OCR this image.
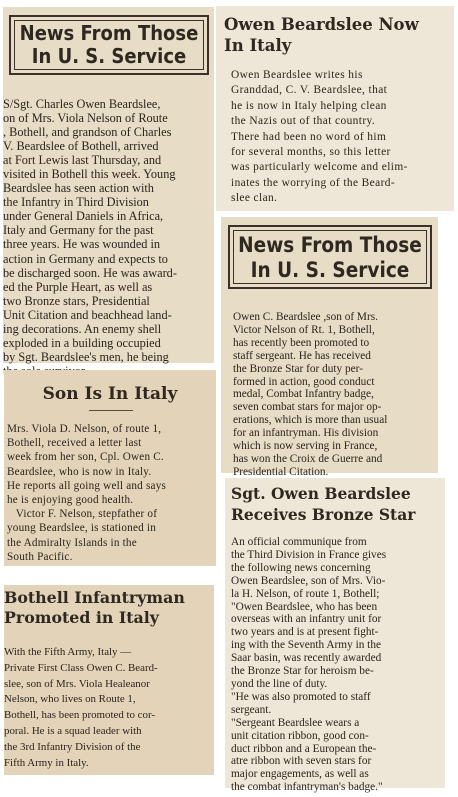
News From Those
In U. S. Service
S/Sgt. Charles Owen Beardslee,
on of Mrs. Viola Nelson of Route
, Bothell, and grandson of Charles
V. Beardslee of Bothell, arrived
at Fort Lewis last Thursday, and
visited in Bothell this week. Young
Beardslee has seen action with
the Infantry in Third Division
under General Daniels in Africa,
Italy and Germany for the past
three years. He was wounded in
action in Germany and expects to
be discharged soon. He was award-
ed the Purple Heart, as well as
two Bronze stars, Presidential
Unit Citation and beachhead land-
ing decorations. An enemy shell
exploded in a building occupied
by Sgt. Beardslee's men, he being

Owen Beardslee Now
In Italy
Owen Beardslee writes his
Granddad, C. V. Beardslee, that
he is now in Italy helping clean
the Nazis out of that country.
There had been no word of him
for several months, so this letter
was particularly welcome and elim-
inates the worrying of the Beard-
slee clan.
News From Those
In U. S. Service
Owen C. Beardslee ,son of Mrs.
Victor Nelson of Rt. 1, Bothell,
has recently been promoted to
staff sergeant. He has received
the Bronze Star for duty per-
formed in action, good conduct
medal, Combat Infantry badge,
seven combat stars for major op-
erations, which is more than usual
for an infantryman. His division
which is now serving in France,
has won the Croix de Guerre and
Presidential Citation.
Son Is In Italy
Mrs. Viola D. Nelson, of route 1,
Bothell, received a letter last
week from her son, Cpl. Owen C.
Beardslee, who is now in Italy.
He reports all going well and says
he is enjoying good health.
Victor F. Nelson, stepfather of
young Beardslee, is stationed in
the Admiralty Islands in the
South Pacific.
Sgt. Owen Beardslee
Receives Bronze Star
An official communique from
the Third Division in France gives
the following news concerning
Owen Beardslee, son of Mrs. Vio-
la H. Nelson, of route 1, Bothell;
"Owen Beardslee, who has been
overseas with an infantry unit for
two years and is at present fight-
ing with the Seventh Army in the
Saar basin, was recently awarded
the Bronze Star for heroism be-
yond the line of duty.
"He was also promoted to staff
sergeant.
"Sergeant Beardslee wears a
unit citation ribbon, good con-
duct ribbon and a European the-
atre ribbon with seven stars for
major engagements, as well as
the combat infantryman's badge."
Bothell Infantryman
Promoted in Italy
With the Fifth Army, Italy —
Private First Class Owen C. Beard-
slee, son of Mrs. Viola Healeanor
Nelson, who lives on Route 1,
Bothell, has been promoted to cor-
poral. He is a squad leader with
the 3rd Infantry Division of the
Fifth Army in Italy.
